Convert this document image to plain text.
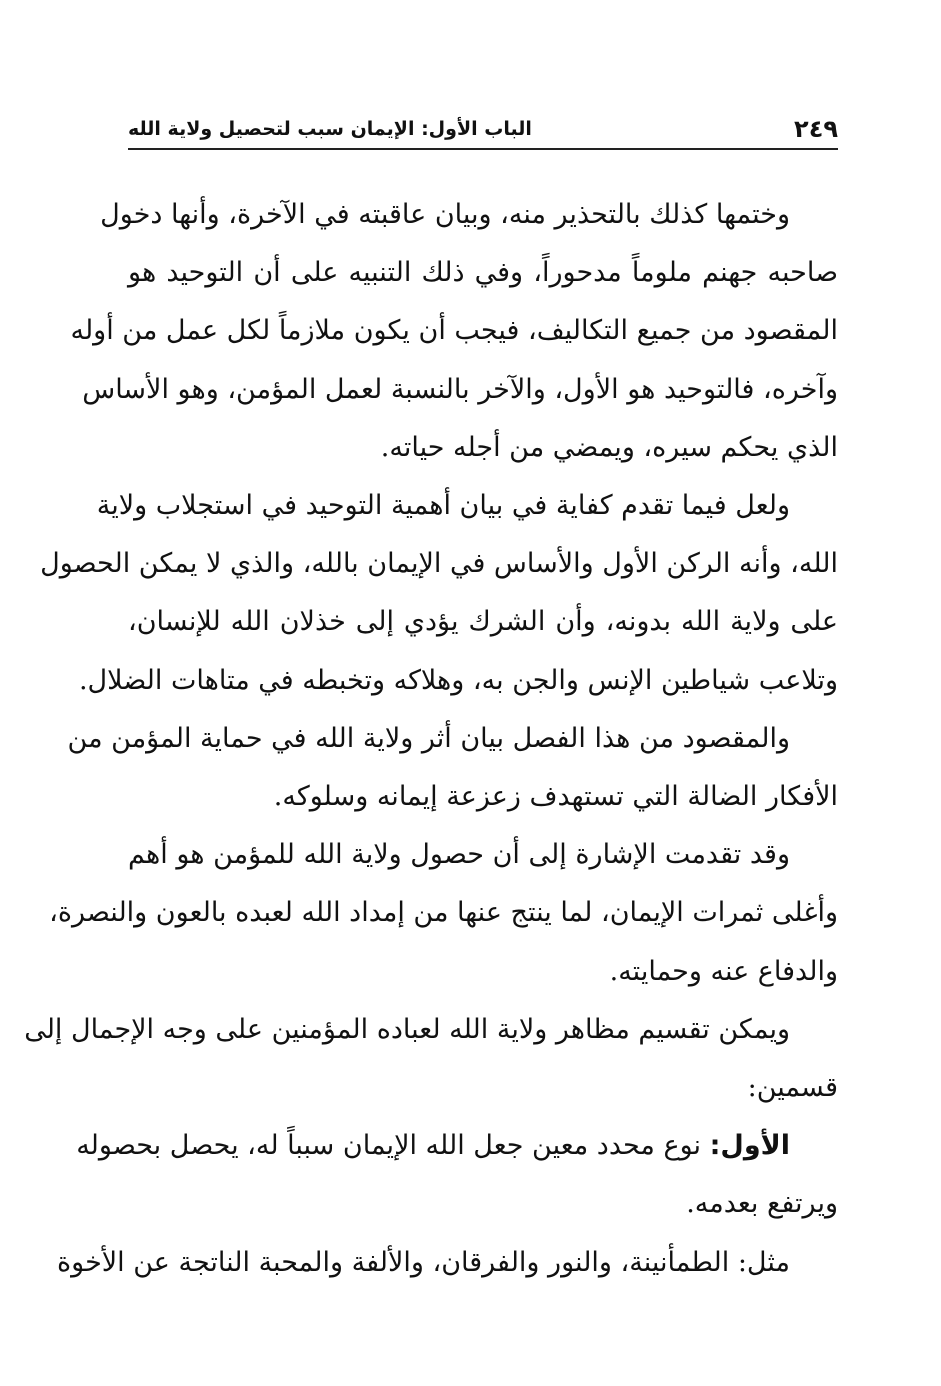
٢٤٩
الباب الأول: الإيمان سبب لتحصيل ولاية الله

وختمها كذلك بالتحذير منه، وبيان عاقبته في الآخرة، وأنها دخول
صاحبه جهنم ملوماً مدحوراً، وفي ذلك التنبيه على أن التوحيد هو
المقصود من جميع التكاليف، فيجب أن يكون ملازماً لكل عمل من أوله
وآخره، فالتوحيد هو الأول، والآخر بالنسبة لعمل المؤمن، وهو الأساس
الذي يحكم سيره، ويمضي من أجله حياته.

ولعل فيما تقدم كفاية في بيان أهمية التوحيد في استجلاب ولاية
الله، وأنه الركن الأول والأساس في الإيمان بالله، والذي لا يمكن الحصول
على ولاية الله بدونه، وأن الشرك يؤدي إلى خذلان الله للإنسان،
وتلاعب شياطين الإنس والجن به، وهلاكه وتخبطه في متاهات الضلال.

والمقصود من هذا الفصل بيان أثر ولاية الله في حماية المؤمن من
الأفكار الضالة التي تستهدف زعزعة إيمانه وسلوكه.

وقد تقدمت الإشارة إلى أن حصول ولاية الله للمؤمن هو أهم
وأغلى ثمرات الإيمان، لما ينتج عنها من إمداد الله لعبده بالعون والنصرة،
والدفاع عنه وحمايته.

ويمكن تقسيم مظاهر ولاية الله لعباده المؤمنين على وجه الإجمال إلى
قسمين:

الأول: نوع محدد معين جعل الله الإيمان سبباً له، يحصل بحصوله
ويرتفع بعدمه.

مثل: الطمأنينة، والنور والفرقان، والألفة والمحبة الناتجة عن الأخوة
